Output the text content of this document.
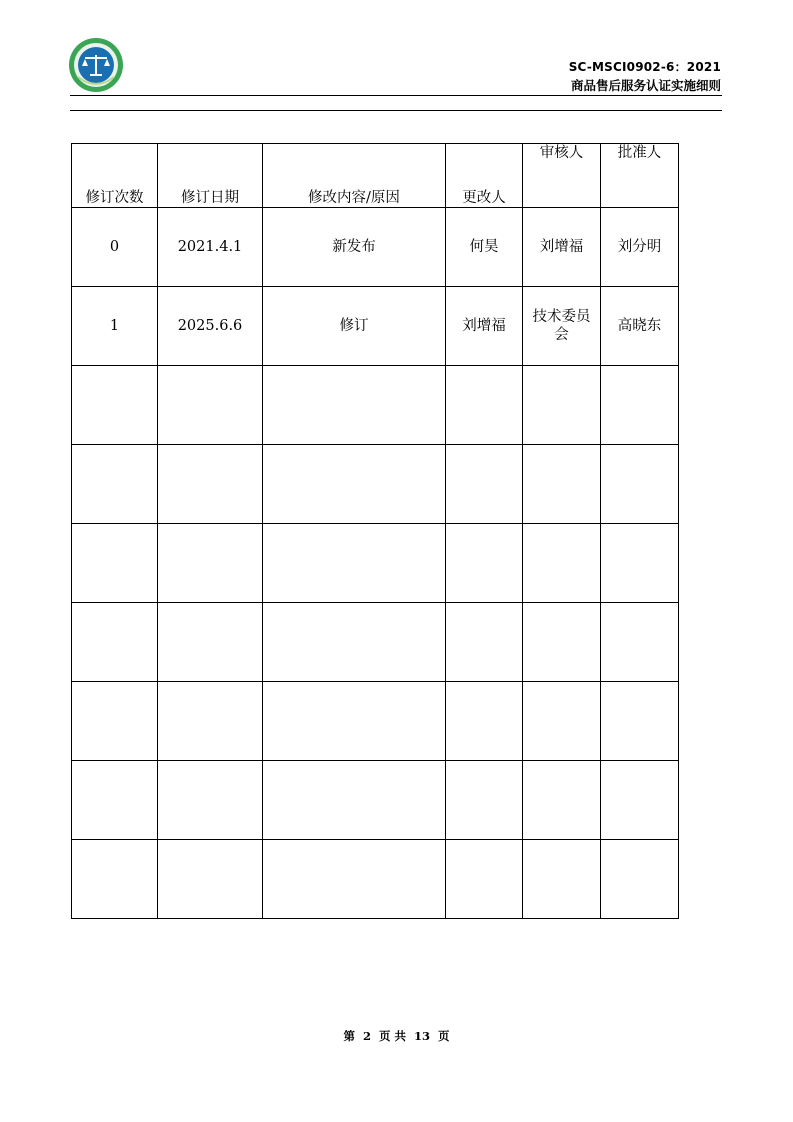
SC-MSCI0902-6：2021
商品售后服务认证实施细则
修订次数	修订日期	修改内容/原因	更改人	审核人	批准人
0	2021.4.1	新发布	何昊	刘增福	刘分明
1	2025.6.6	修订	刘增福	技术委员会	高晓东

第 2 页 共 13 页
